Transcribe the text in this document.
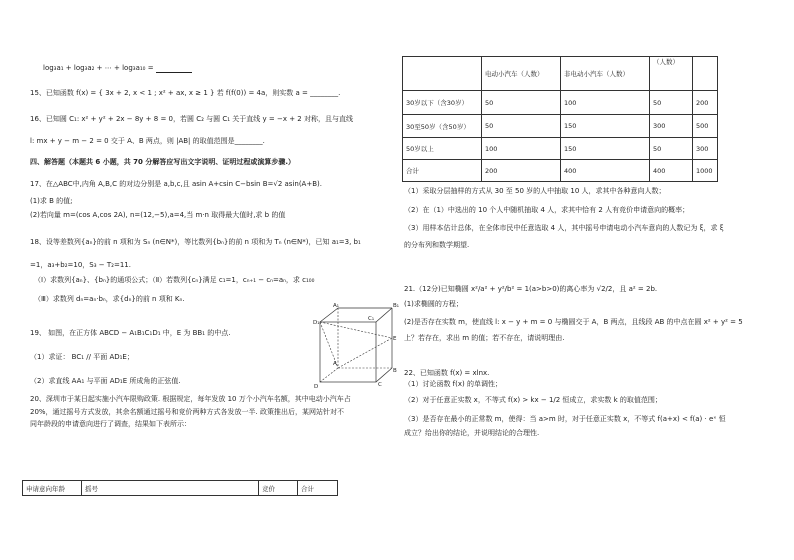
log₃a₁ + log₃a₂ + ⋯ + log₃a₁₀ =
15、已知函数 f(x) = { 3x + 2, x < 1 ; x² + ax, x ≥ 1 } 若 f(f(0)) = 4a，则实数 a = ________.
16、已知圆 C₁: x² + y² + 2x − 8y + 8 = 0，若圆 C₂ 与圆 C₁ 关于直线 y = −x + 2 对称，且与直线
l: mx + y − m − 2 = 0 交于 A、B 两点，则 |AB| 的取值范围是________.
四、解答题（本题共 6 小题，共 70 分解答应写出文字说明、证明过程或演算步骤.）
17、在△ABC中,内角 A,B,C 的对边分别是 a,b,c,且 asin A+csin C−bsin B=√2 asin(A+B).
(1)求 B 的值;
(2)若向量 m=(cos A,cos 2A), n=(12,−5),a=4,当 m·n 取得最大值时,求 b 的值
18、设等差数列{aₙ}的前 n 项和为 Sₙ (n∈N*)，等比数列{bₙ}的前 n 项和为 Tₙ (n∈N*)，已知 a₁=3, b₁
=1，a₃+b₂=10，S₃ − T₂=11.
（Ⅰ）求数列{aₙ}、{bₙ}的通项公式；（Ⅱ）若数列{cₙ}满足 c₁=1，cₙ₊₁ − cₙ=aₙ，求 c₁₀₀
（Ⅲ）求数列 dₙ=aₙ·bₙ，求{dₙ}的前 n 项和 Kₙ.
19、 如图，在正方体 ABCD − A₁B₁C₁D₁ 中，E 为 BB₁ 的中点.
（1）求证： BC₁ // 平面 AD₁E；
（2）求直线 AA₁ 与平面 AD₁E 所成角的正弦值.
20、深圳市于某日起实施小汽车限购政策. 根据规定，每年发放 10 万个小汽车名额，其中电动小汽车占
20%，通过摇号方式发放，其余名额通过摇号和竞价两种方式各发放一半. 政策推出后，某网站针对不
同年龄段的申请意向进行了调查，结果如下表所示：
D₁
A₁	B₁
C₁
E
A
B
C
D
申请意向年龄	摇号	竞价	合计
	电动小汽车（人数）	非电动小汽车（人数）	（人数）	
30岁以下（含30岁）	50	100	50	200
30至50岁（含50岁）	50	150	300	500
50岁以上	100	150	50	300
合计	200	400	400	1000
（1）采取分层抽样的方式从 30 至 50 岁的人中抽取 10 人，求其中各种意向人数；
（2）在（1）中选出的 10 个人中随机抽取 4 人，求其中恰有 2 人有竞价申请意向的概率；
（3）用样本估计总体，在全体市民中任意选取 4 人，其中摇号申请电动小汽车意向的人数记为 ξ，求 ξ
的分布列和数学期望.
21.（12分)已知椭圆 x²/a² + y²/b² = 1(a>b>0)的离心率为 √2/2，且 a² = 2b.
(1)求椭圆的方程；
(2)是否存在实数 m，使直线 l: x − y + m = 0 与椭圆交于 A，B 两点，且线段 AB 的中点在圆 x² + y² = 5
上？若存在，求出 m 的值；若不存在，请说明理由.
22、已知函数 f(x) = xlnx.
（1）讨论函数 f(x) 的单调性；
（2）对于任意正实数 x，不等式 f(x) > kx − 1/2 恒成立，求实数 k 的取值范围；
（3）是否存在最小的正常数 m，使得：当 a>m 时，对于任意正实数 x，不等式 f(a+x) < f(a) · eˣ 恒
成立？给出你的结论，并说明结论的合理性.
